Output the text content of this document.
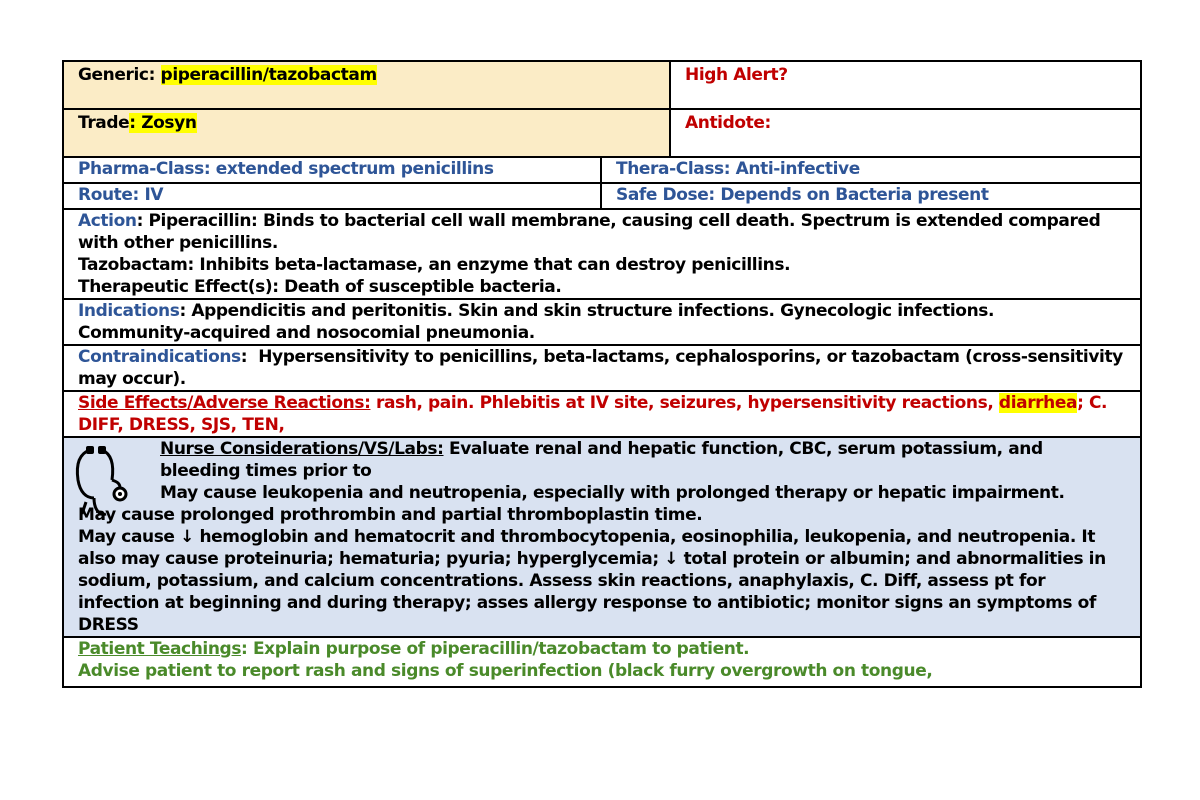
Generic: piperacillin/tazobactam	High Alert?
Trade: Zosyn	Antidote:
Pharma-Class: extended spectrum penicillins	Thera-Class: Anti-infective
Route: IV	Safe Dose: Depends on Bacteria present
Action: Piperacillin: Binds to bacterial cell wall membrane, causing cell death. Spectrum is extended compared with other penicillins.
Tazobactam: Inhibits beta-lactamase, an enzyme that can destroy penicillins.
Therapeutic Effect(s): Death of susceptible bacteria.
Indications: Appendicitis and peritonitis. Skin and skin structure infections. Gynecologic infections.
Community-acquired and nosocomial pneumonia.
Contraindications:  Hypersensitivity to penicillins, beta-lactams, cephalosporins, or tazobactam (cross-sensitivity may occur).
Side Effects/Adverse Reactions: rash, pain. Phlebitis at IV site, seizures, hypersensitivity reactions, diarrhea; C. DIFF, DRESS, SJS, TEN,
Nurse Considerations/VS/Labs: Evaluate renal and hepatic function, CBC, serum potassium, and bleeding times prior to
May cause leukopenia and neutropenia, especially with prolonged therapy or hepatic impairment.
May cause prolonged prothrombin and partial thromboplastin time.
May cause ↓ hemoglobin and hematocrit and thrombocytopenia, eosinophilia, leukopenia, and neutropenia. It also may cause proteinuria; hematuria; pyuria; hyperglycemia; ↓ total protein or albumin; and abnormalities in sodium, potassium, and calcium concentrations. Assess skin reactions, anaphylaxis, C. Diff, assess pt for infection at beginning and during therapy; asses allergy response to antibiotic; monitor signs an symptoms of DRESS
Patient Teachings: Explain purpose of piperacillin/tazobactam to patient.
Advise patient to report rash and signs of superinfection (black furry overgrowth on tongue,
